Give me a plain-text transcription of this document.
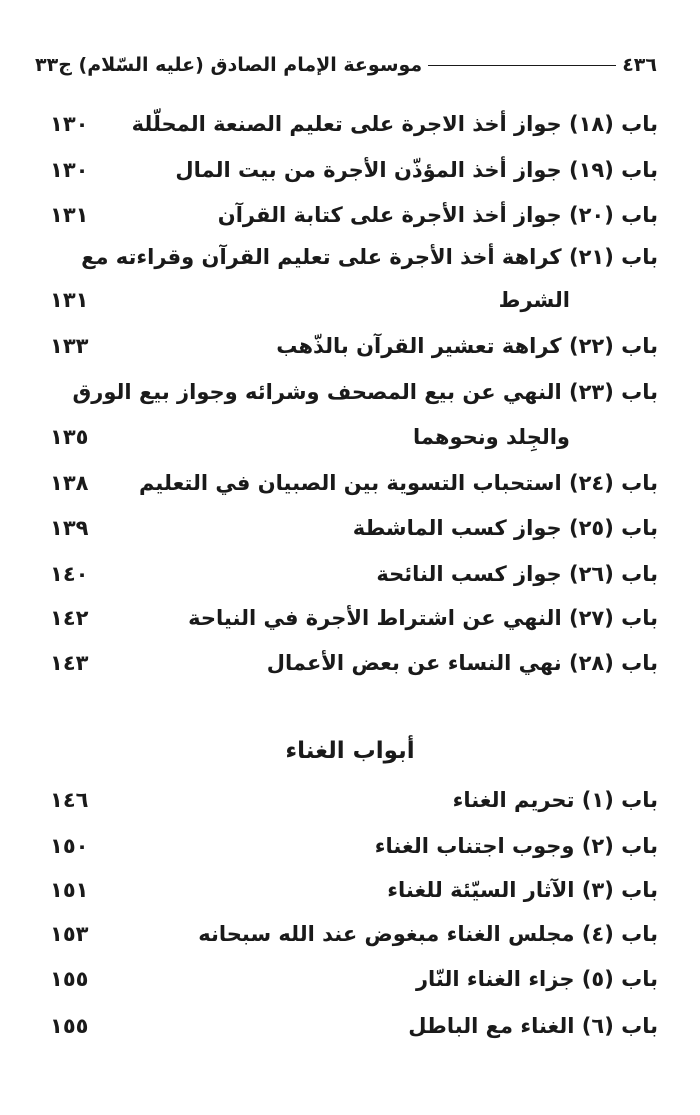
٤٣٦
موسوعة الإمام الصادق (عليه السّلام) ج٣٣
باب (١٨) جواز أخذ الاجرة على تعليم الصنعة المحلّلة
١٣٠
باب (١٩) جواز أخذ المؤذّن الأجرة من بيت المال
١٣٠
باب (٢٠) جواز أخذ الأجرة على كتابة القرآن
١٣١
باب (٢١) كراهة أخذ الأجرة على تعليم القرآن وقراءته مع
الشرط
١٣١
باب (٢٢) كراهة تعشير القرآن بالذّهب
١٣٣
باب (٢٣) النهي عن بيع المصحف وشرائه وجواز بيع الورق
والجِلد ونحوهما
١٣٥
باب (٢٤) استحباب التسوية بين الصبيان في التعليم
١٣٨
باب (٢٥) جواز كسب الماشطة
١٣٩
باب (٢٦) جواز كسب النائحة
١٤٠
باب (٢٧) النهي عن اشتراط الأجرة في النياحة
١٤٢
باب (٢٨) نهي النساء عن بعض الأعمال
١٤٣
أبواب الغناء
باب (١) تحريم الغناء
١٤٦
باب (٢) وجوب اجتناب الغناء
١٥٠
باب (٣) الآثار السيّئة للغناء
١٥١
باب (٤) مجلس الغناء مبغوض عند الله سبحانه
١٥٣
باب (٥) جزاء الغناء النّار
١٥٥
باب (٦) الغناء مع الباطل
١٥٥
